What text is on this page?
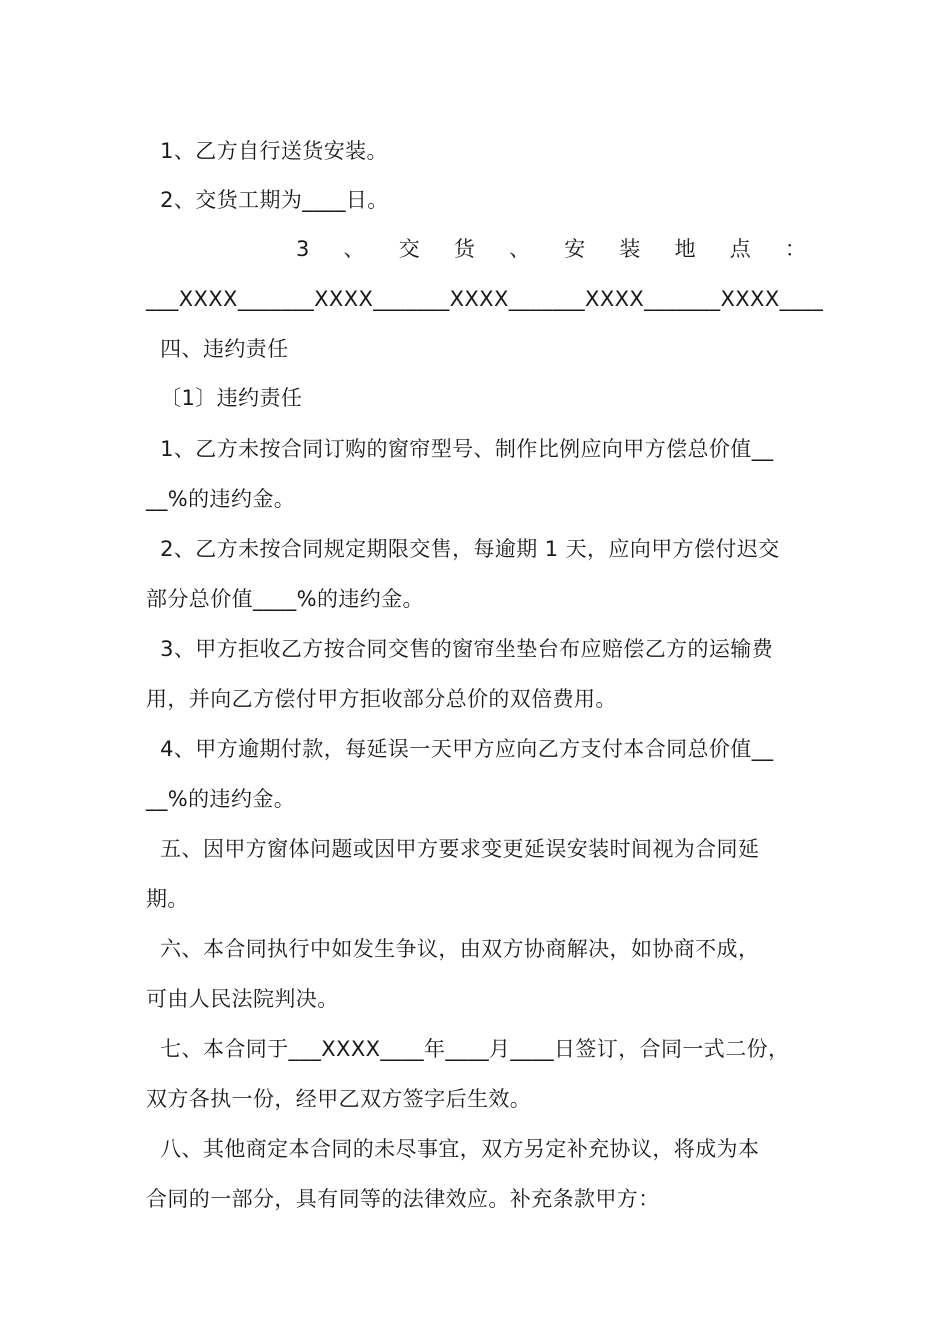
1、乙方自行送货安装。
2、交货工期为____日。
3 、 交 货 、 安 装 地 点 ：
___XXXX_______XXXX_______XXXX_______XXXX_______XXXX____
四、违约责任
〔1〕违约责任
1、乙方未按合同订购的窗帘型号、制作比例应向甲方偿总价值__
__%的违约金。
2、乙方未按合同规定期限交售，每逾期 1 天，应向甲方偿付迟交
部分总价值____%的违约金。
3、甲方拒收乙方按合同交售的窗帘坐垫台布应赔偿乙方的运输费
用，并向乙方偿付甲方拒收部分总价的双倍费用。
4、甲方逾期付款，每延误一天甲方应向乙方支付本合同总价值__
__%的违约金。
五、因甲方窗体问题或因甲方要求变更延误安装时间视为合同延
期。
六、本合同执行中如发生争议，由双方协商解决，如协商不成，
可由人民法院判决。
七、本合同于___XXXX____年____月____日签订，合同一式二份，
双方各执一份，经甲乙双方签字后生效。
八、其他商定本合同的未尽事宜，双方另定补充协议，将成为本
合同的一部分，具有同等的法律效应。补充条款甲方：
